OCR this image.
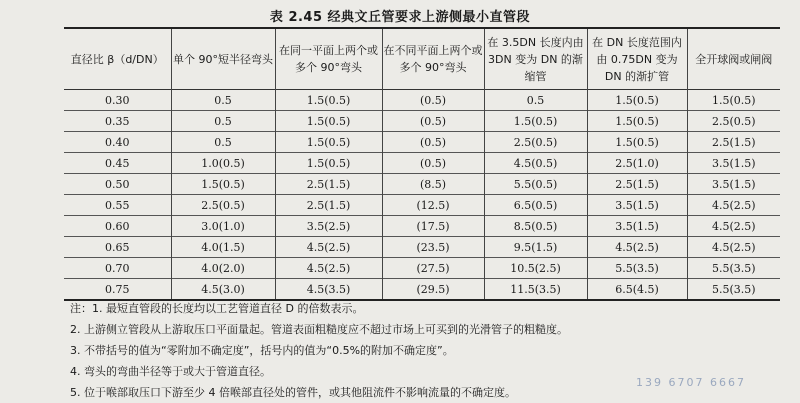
表 2.45 经典文丘管要求上游侧最小直管段
直径比 β（d/DN）	单个 90°短半径弯头	在同一平面上两个或多个 90°弯头	在不同平面上两个或多个 90°弯头	在 3.5DN 长度内由 3DN 变为 DN 的渐缩管	在 DN 长度范围内由 0.75DN 变为 DN 的渐扩管	全开球阀或闸阀
0.30	0.5	1.5(0.5)	(0.5)	0.5	1.5(0.5)	1.5(0.5)
0.35	0.5	1.5(0.5)	(0.5)	1.5(0.5)	1.5(0.5)	2.5(0.5)
0.40	0.5	1.5(0.5)	(0.5)	2.5(0.5)	1.5(0.5)	2.5(1.5)
0.45	1.0(0.5)	1.5(0.5)	(0.5)	4.5(0.5)	2.5(1.0)	3.5(1.5)
0.50	1.5(0.5)	2.5(1.5)	(8.5)	5.5(0.5)	2.5(1.5)	3.5(1.5)
0.55	2.5(0.5)	2.5(1.5)	(12.5)	6.5(0.5)	3.5(1.5)	4.5(2.5)
0.60	3.0(1.0)	3.5(2.5)	(17.5)	8.5(0.5)	3.5(1.5)	4.5(2.5)
0.65	4.0(1.5)	4.5(2.5)	(23.5)	9.5(1.5)	4.5(2.5)	4.5(2.5)
0.70	4.0(2.0)	4.5(2.5)	(27.5)	10.5(2.5)	5.5(3.5)	5.5(3.5)
0.75	4.5(3.0)	4.5(3.5)	(29.5)	11.5(3.5)	6.5(4.5)	5.5(3.5)
注：1. 最短直管段的长度均以工艺管道直径 D 的倍数表示。
2. 上游侧立管段从上游取压口平面量起。管道表面粗糙度应不超过市场上可买到的光滑管子的粗糙度。
3. 不带括号的值为“零附加不确定度”，括号内的值为“0.5%的附加不确定度”。
4. 弯头的弯曲半径等于或大于管道直径。
5. 位于喉部取压口下游至少 4 倍喉部直径处的管件，或其他阻流件不影响流量的不确定度。
139 6707 6667
